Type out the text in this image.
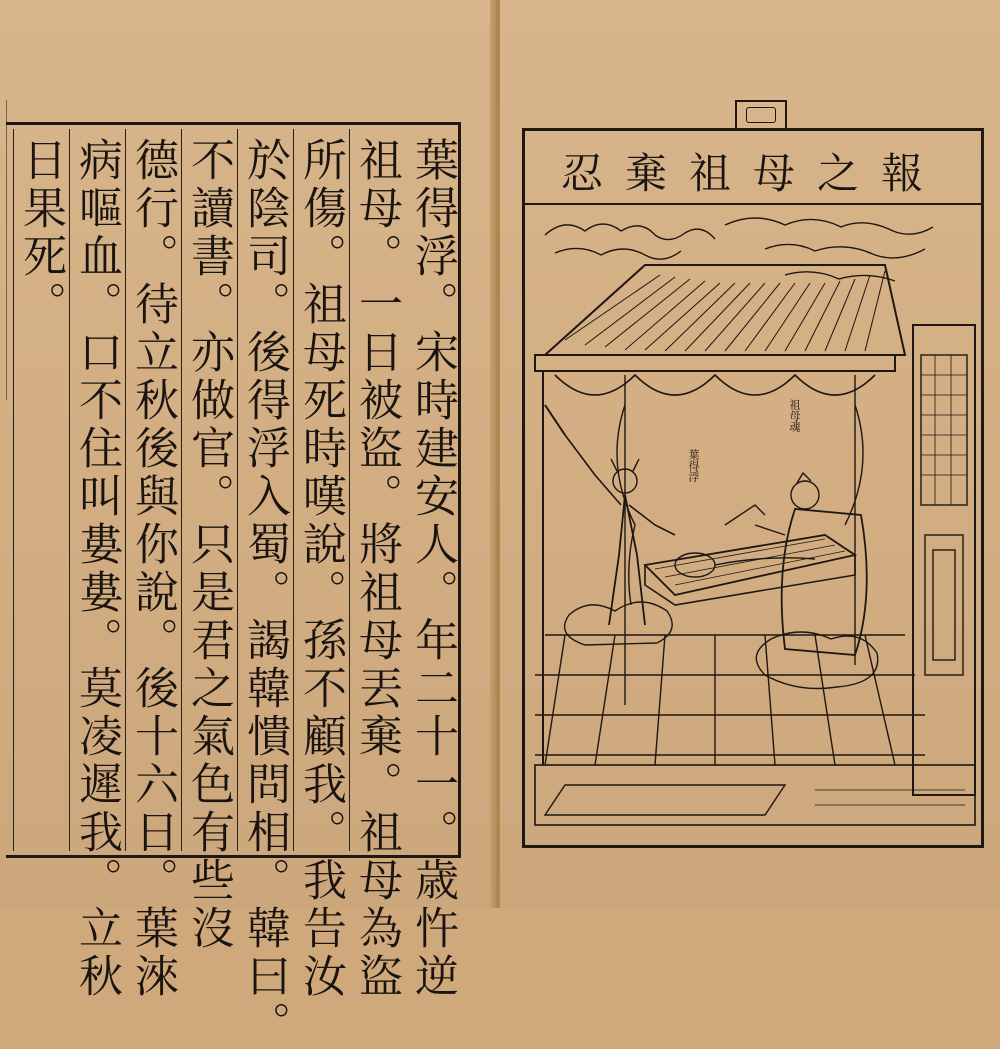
葉得浮。宋時建安人。年二十一。歳忤逆
祖母。一日被盜。將祖母丟棄。祖母為盜
所傷。祖母死時嘆說。孫不顧我。我告汝
於陰司。後得浮入蜀。謁韓憒問相。韓曰。
不讀書。亦做官。只是君之氣色有些沒
德行。待立秋後與你說。後十六日。葉淶
病嘔血。口不住叫婁婁。莫凌遲我。立秋
日果死。	忍棄祖母之報
祖母魂
葉得浮
